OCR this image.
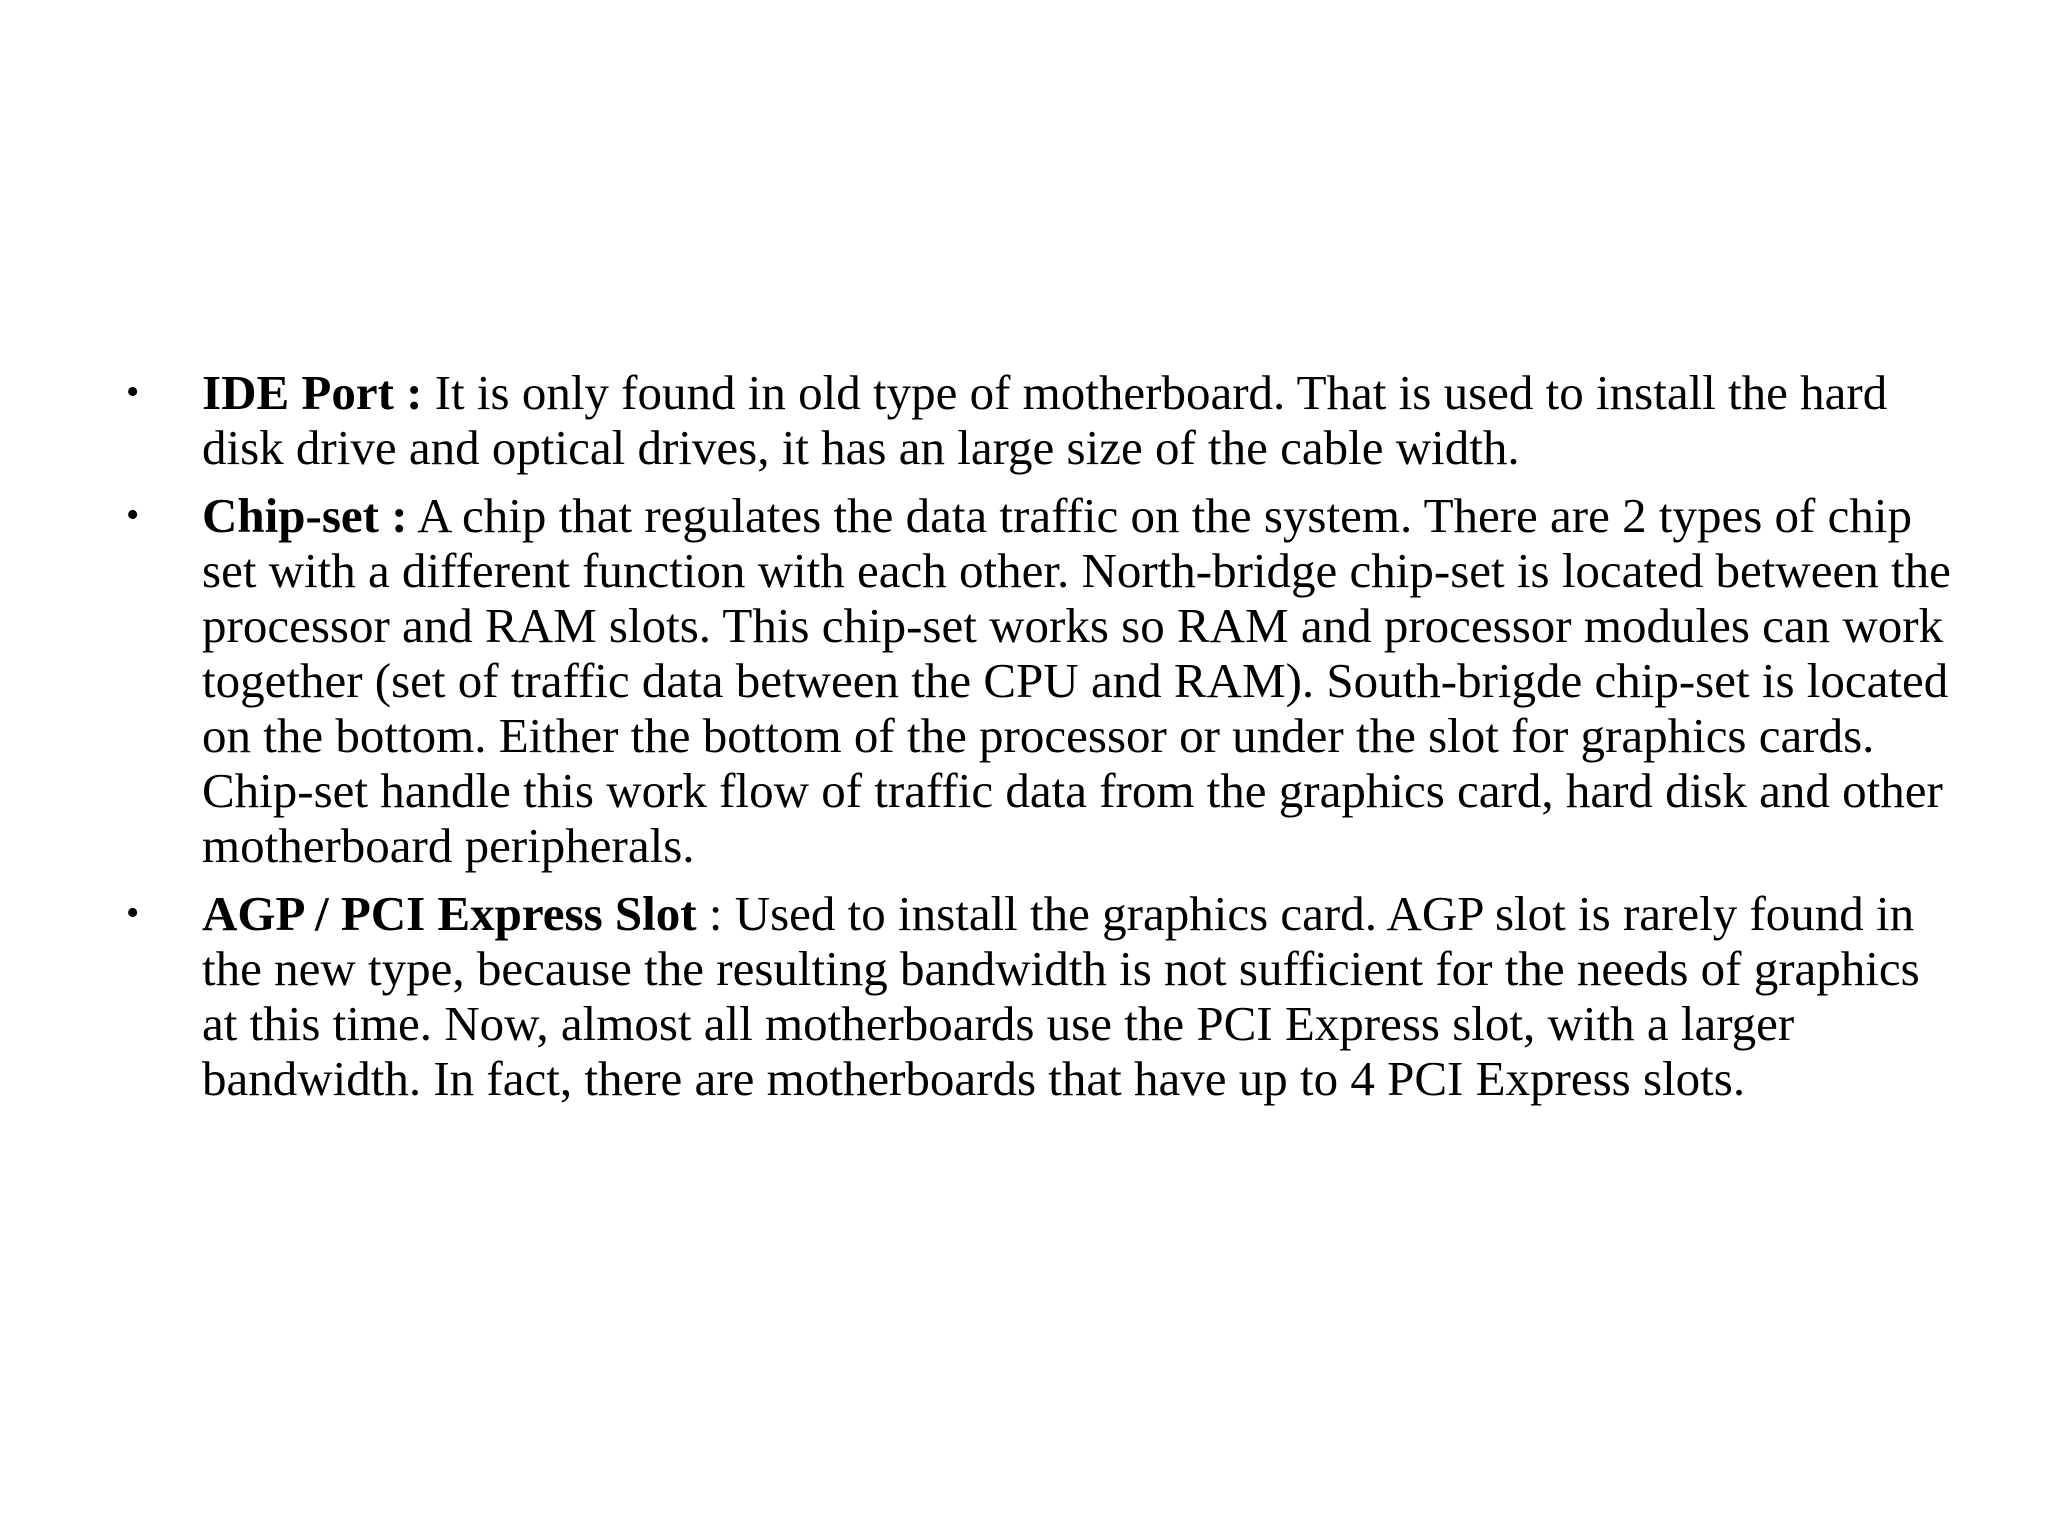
• IDE Port : It is only found in old type of motherboard. That is used to install the hard disk drive and optical drives, it has an large size of the cable width.
• Chip-set : A chip that regulates the data traffic on the system. There are 2 types of chip set with a different function with each other. North-bridge chip-set is located between the processor and RAM slots. This chip-set works so RAM and processor modules can work together (set of traffic data between the CPU and RAM). South-brigde chip-set is located on the bottom. Either the bottom of the processor or under the slot for graphics cards. Chip-set handle this work flow of traffic data from the graphics card, hard disk and other motherboard peripherals.
• AGP / PCI Express Slot : Used to install the graphics card. AGP slot is rarely found in the new type, because the resulting bandwidth is not sufficient for the needs of graphics at this time. Now, almost all motherboards use the PCI Express slot, with a larger bandwidth. In fact, there are motherboards that have up to 4 PCI Express slots.
